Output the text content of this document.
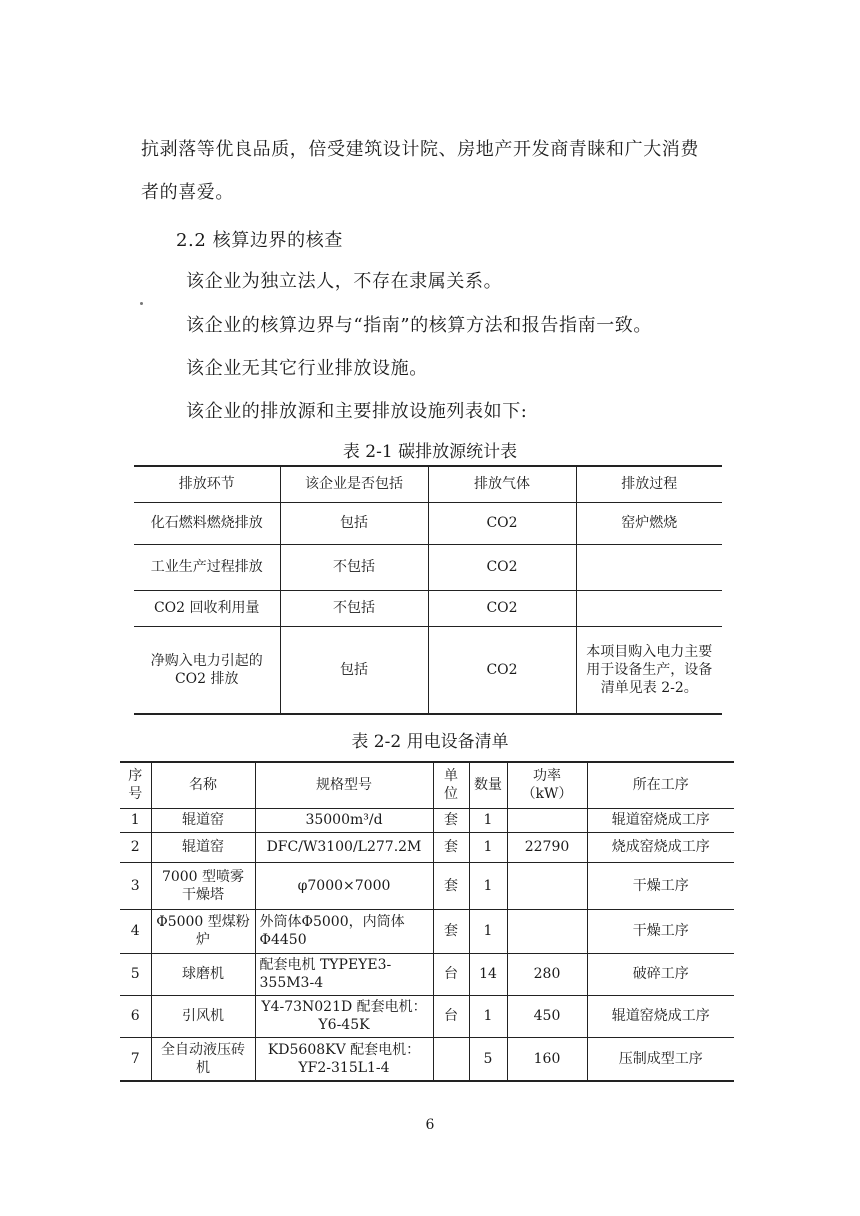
抗剥落等优良品质，倍受建筑设计院、房地产开发商青睐和广大消费
者的喜爱。
2.2 核算边界的核查
该企业为独立法人，不存在隶属关系。
该企业的核算边界与“指南”的核算方法和报告指南一致。
该企业无其它行业排放设施。
该企业的排放源和主要排放设施列表如下:
表 2-1 碳排放源统计表
排放环节	该企业是否包括	排放气体	排放过程
化石燃料燃烧排放	包括	CO2	窑炉燃烧
工业生产过程排放	不包括	CO2	
CO2 回收利用量	不包括	CO2	
净购入电力引起的 CO2 排放	包括	CO2	本项目购入电力主要用于设备生产，设备清单见表 2-2。
表 2-2 用电设备清单
序号	名称	规格型号	单位	数量	功率（kW）	所在工序
1	辊道窑	35000m³/d	套	1		辊道窑烧成工序
2	辊道窑	DFC/W3100/L277.2M	套	1	22790	烧成窑烧成工序
3	7000 型喷雾干燥塔	φ7000×7000	套	1		干燥工序
4	Φ5000 型煤粉炉	外筒体Φ5000，内筒体Φ4450	套	1		干燥工序
5	球磨机	配套电机 TYPEYE3-355M3-4	台	14	280	破碎工序
6	引风机	Y4-73N021D 配套电机：Y6-45K	台	1	450	辊道窑烧成工序
7	全自动液压砖机	KD5608KV 配套电机：YF2-315L1-4		5	160	压制成型工序
6
